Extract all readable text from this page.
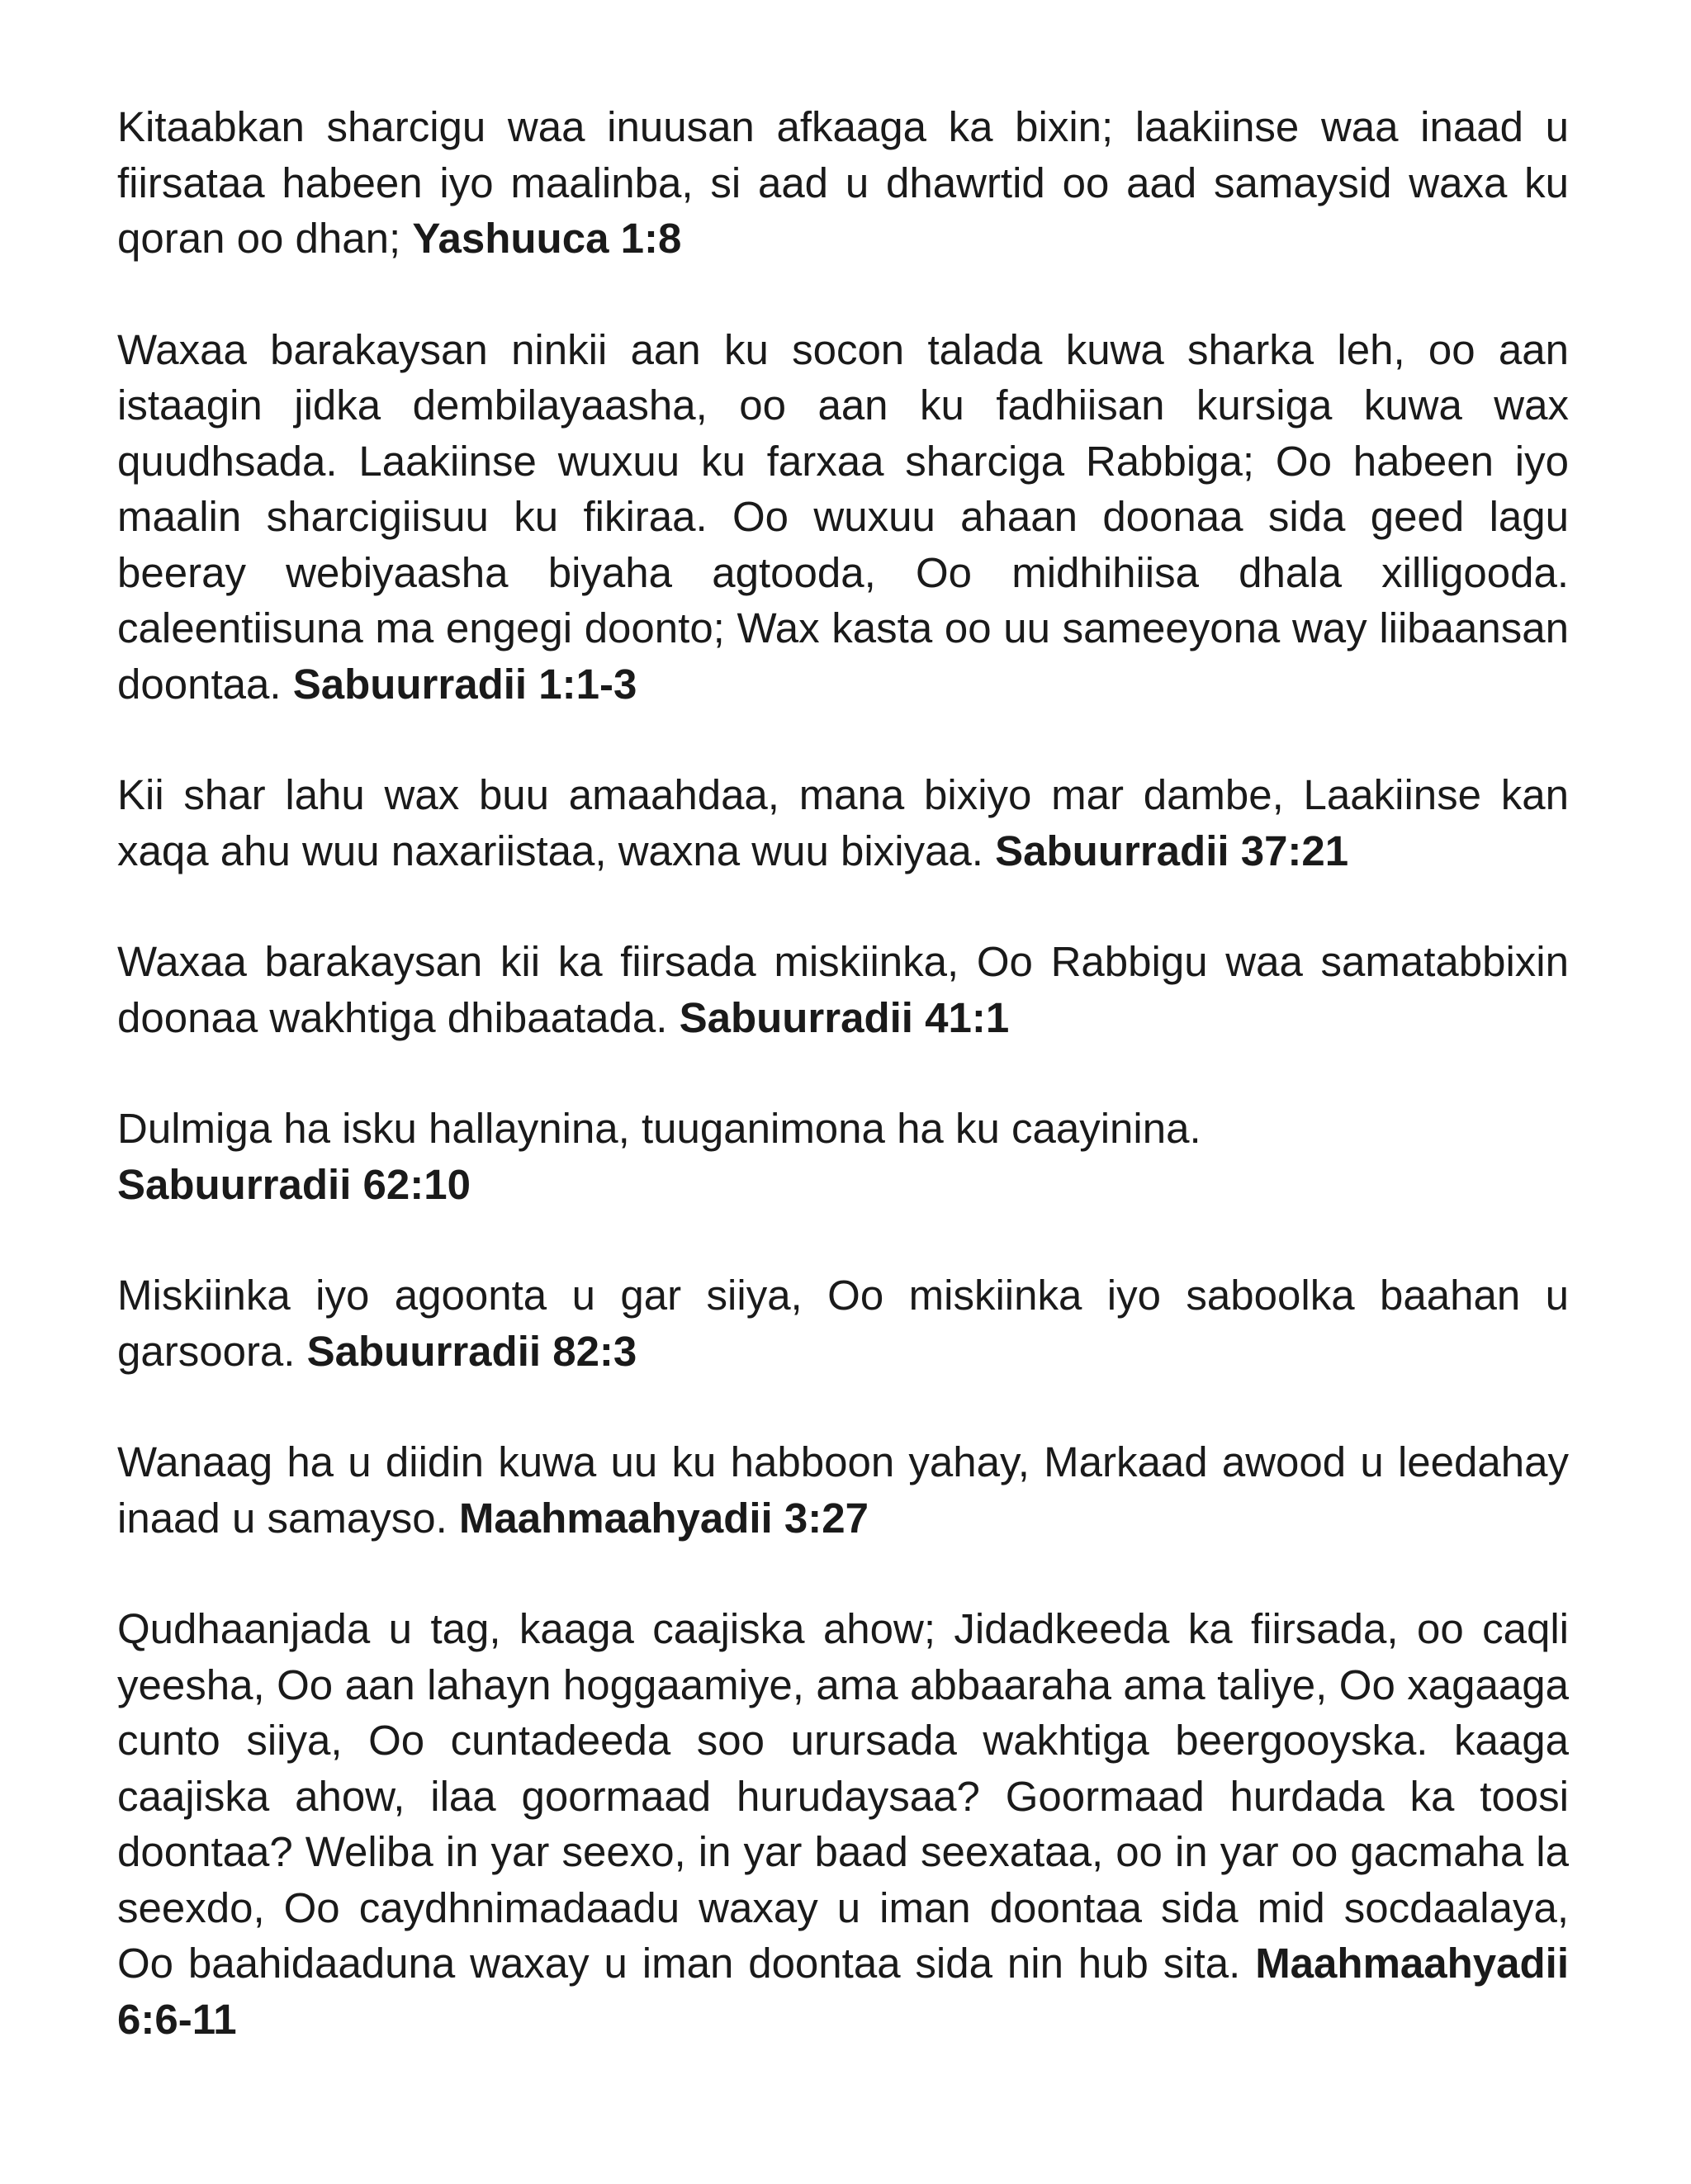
Kitaabkan sharcigu waa inuusan afkaaga ka bixin; laakiinse waa inaad u fiirsataa habeen iyo maalinba, si aad u dhawrtid oo aad samaysid waxa ku qoran oo dhan; Yashuuca 1:8

Waxaa barakaysan ninkii aan ku socon talada kuwa sharka leh, oo aan istaagin jidka dembilayaasha, oo aan ku fadhiisan kursiga kuwa wax quudhsada. Laakiinse wuxuu ku farxaa sharciga Rabbiga; Oo habeen iyo maalin sharcigiisuu ku fikiraa. Oo wuxuu ahaan doonaa sida geed lagu beeray webiyaasha biyaha agtooda, Oo midhihiisa dhala xilligooda. caleentiisuna ma engegi doonto; Wax kasta oo uu sameeyona way liibaansan doontaa. Sabuurradii 1:1-3

Kii shar lahu wax buu amaahdaa, mana bixiyo mar dambe, Laakiinse kan xaqa ahu wuu naxariistaa, waxna wuu bixiyaa. Sabuurradii 37:21

Waxaa barakaysan kii ka fiirsada miskiinka, Oo Rabbigu waa samatabbixin doonaa wakhtiga dhibaatada. Sabuurradii 41:1

Dulmiga ha isku hallaynina, tuuganimona ha ku caayinina.
Sabuurradii 62:10

Miskiinka iyo agoonta u gar siiya, Oo miskiinka iyo saboolka baahan u garsoora. Sabuurradii 82:3

Wanaag ha u diidin kuwa uu ku habboon yahay, Markaad awood u leedahay inaad u samayso. Maahmaahyadii 3:27

Qudhaanjada u tag, kaaga caajiska ahow; Jidadkeeda ka fiirsada, oo caqli yeesha, Oo aan lahayn hoggaamiye, ama abbaaraha ama taliye, Oo xagaaga cunto siiya, Oo cuntadeeda soo urursada wakhtiga beergooyska. kaaga caajiska ahow, ilaa goormaad hurudaysaa? Goormaad hurdada ka toosi doontaa? Weliba in yar seexo, in yar baad seexataa, oo in yar oo gacmaha la seexdo, Oo caydhnimadaadu waxay u iman doontaa sida mid socdaalaya, Oo baahidaaduna waxay u iman doontaa sida nin hub sita. Maahmaahyadii 6:6-11
